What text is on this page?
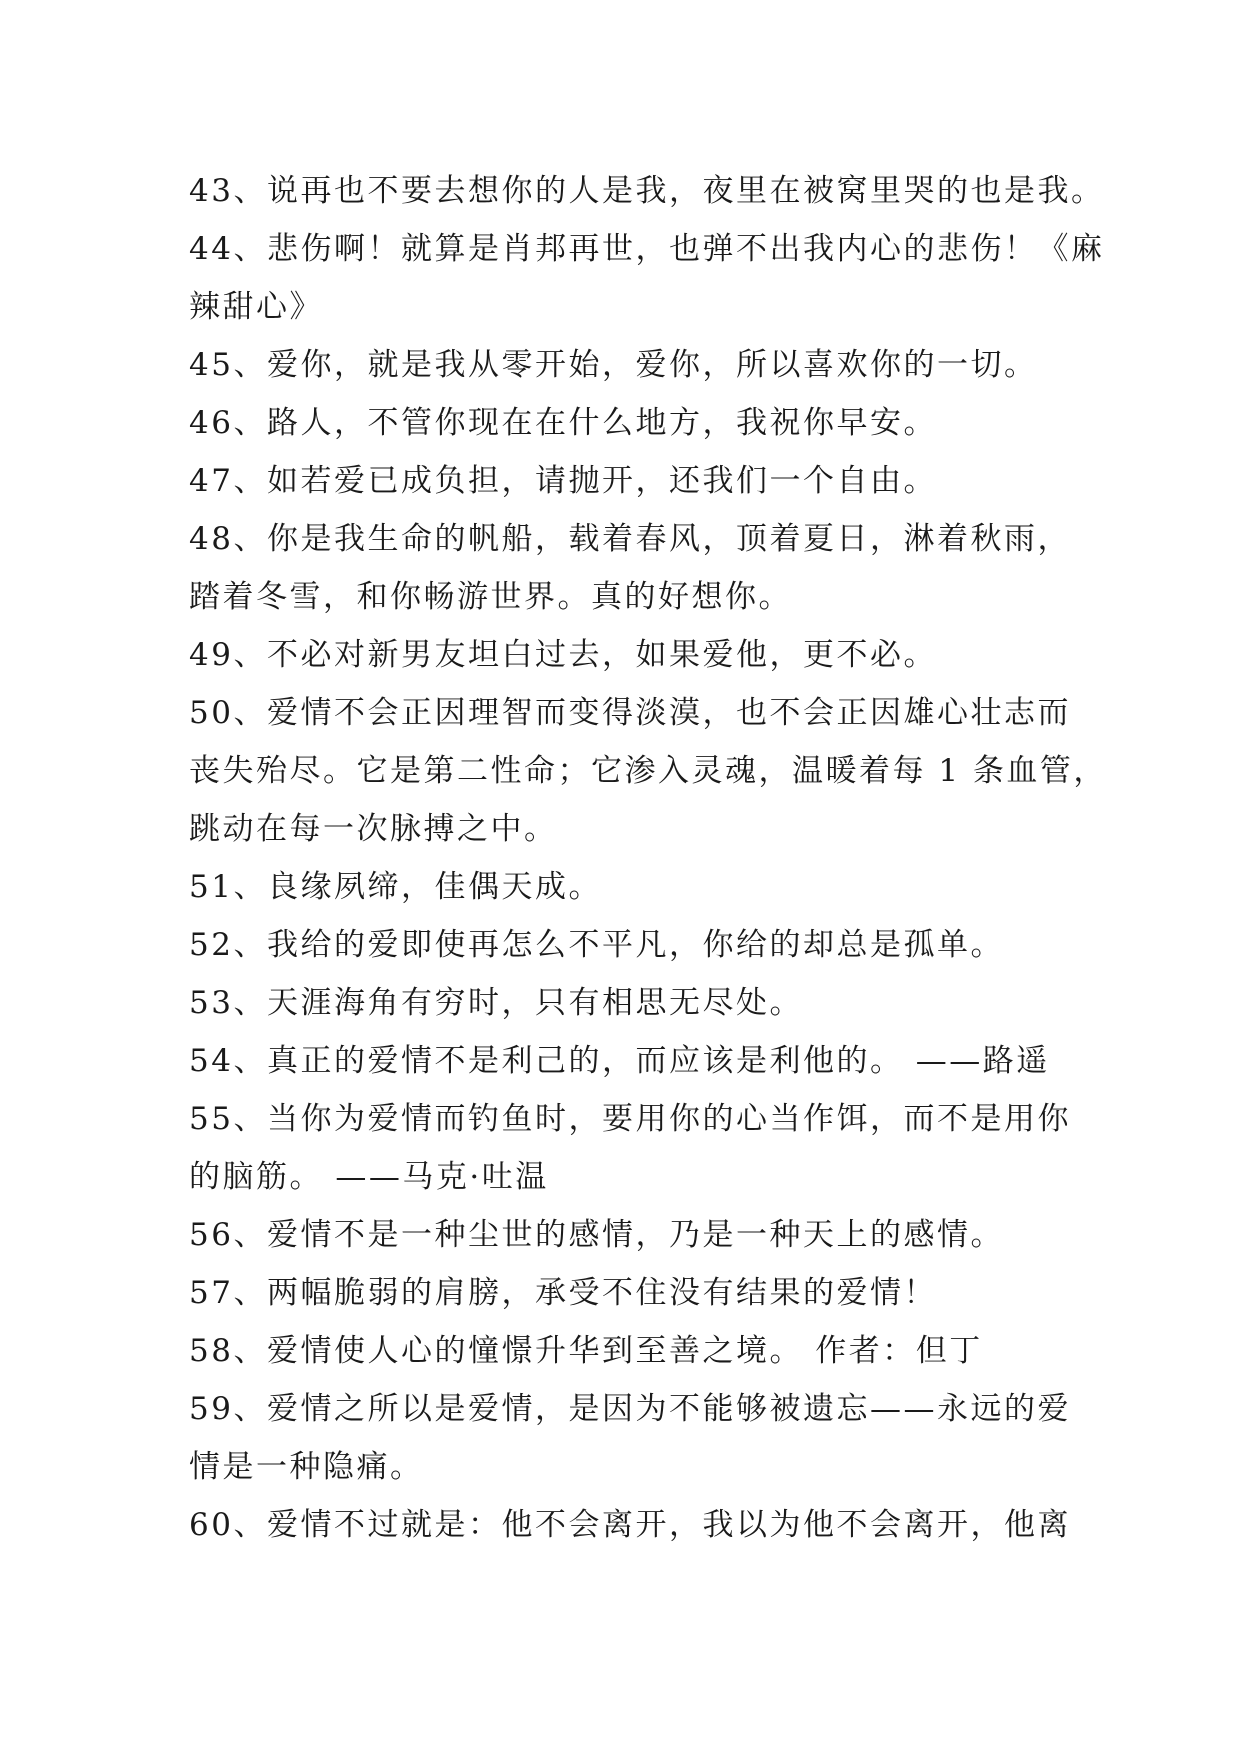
43、说再也不要去想你的人是我，夜里在被窝里哭的也是我。
44、悲伤啊！就算是肖邦再世，也弹不出我内心的悲伤！《麻
辣甜心》
45、爱你，就是我从零开始，爱你，所以喜欢你的一切。
46、路人，不管你现在在什么地方，我祝你早安。
47、如若爱已成负担，请抛开，还我们一个自由。
48、你是我生命的帆船，载着春风，顶着夏日，淋着秋雨，
踏着冬雪，和你畅游世界。真的好想你。
49、不必对新男友坦白过去，如果爱他，更不必。
50、爱情不会正因理智而变得淡漠，也不会正因雄心壮志而
丧失殆尽。它是第二性命；它渗入灵魂，温暖着每 1 条血管，
跳动在每一次脉搏之中。
51、良缘夙缔，佳偶天成。
52、我给的爱即使再怎么不平凡，你给的却总是孤单。
53、天涯海角有穷时，只有相思无尽处。
54、真正的爱情不是利己的，而应该是利他的。 ——路遥
55、当你为爱情而钓鱼时，要用你的心当作饵，而不是用你
的脑筋。 ——马克·吐温
56、爱情不是一种尘世的感情，乃是一种天上的感情。
57、两幅脆弱的肩膀，承受不住没有结果的爱情！
58、爱情使人心的憧憬升华到至善之境。 作者：但丁
59、爱情之所以是爱情，是因为不能够被遗忘——永远的爱
情是一种隐痛。
60、爱情不过就是：他不会离开，我以为他不会离开，他离
